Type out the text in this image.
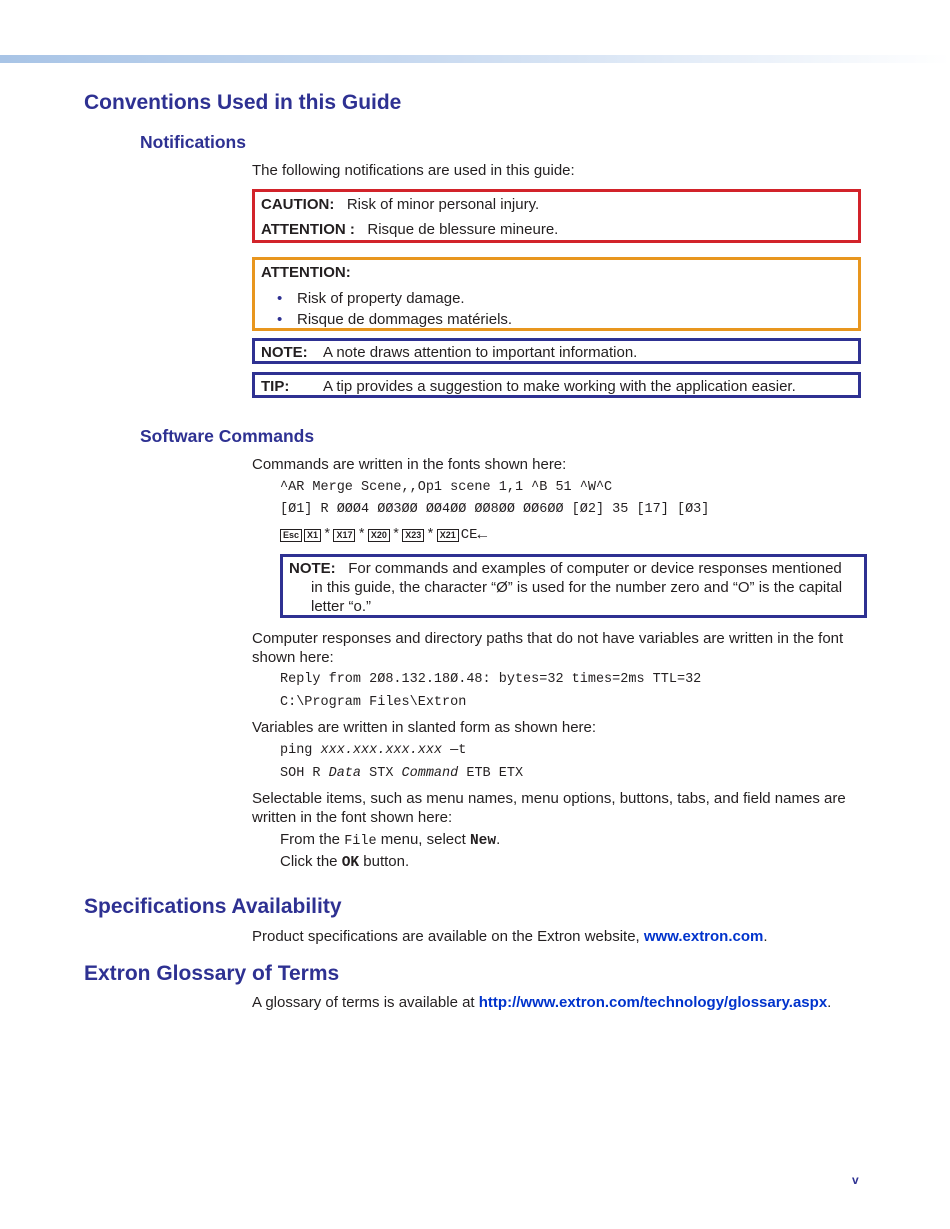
Conventions Used in this Guide
Notifications

The following notifications are used in this guide:

CAUTION: Risk of minor personal injury.
ATTENTION : Risque de blessure mineure.
ATTENTION:
• Risk of property damage.
• Risque de dommages matériels.
NOTE: A note draws attention to important information.
TIP: A tip provides a suggestion to make working with the application easier.
Software Commands

Commands are written in the fonts shown here:

^AR Merge Scene,,Op1 scene 1,1 ^B 51 ^W^C
[Ø1] R ØØØ4 ØØ3ØØ ØØ4ØØ ØØ8ØØ ØØ6ØØ [Ø2] 35 [17] [Ø3]
Esc X1 * X17 * X20 * X23 * X21 CE←
NOTE: For commands and examples of computer or device responses mentioned in this guide, the character “Ø” is used for the number zero and “O” is the capital letter “o.”

Computer responses and directory paths that do not have variables are written in the font shown here:

Reply from 2Ø8.132.18Ø.48: bytes=32 times=2ms TTL=32
C:\Program Files\Extron

Variables are written in slanted form as shown here:

ping xxx.xxx.xxx.xxx —t
SOH R Data STX Command ETB ETX

Selectable items, such as menu names, menu options, buttons, tabs, and field names are written in the font shown here:

From the File menu, select New.
Click the OK button.
Specifications Availability

Product specifications are available on the Extron website, www.extron.com.

Extron Glossary of Terms

A glossary of terms is available at http://www.extron.com/technology/glossary.aspx.

v
